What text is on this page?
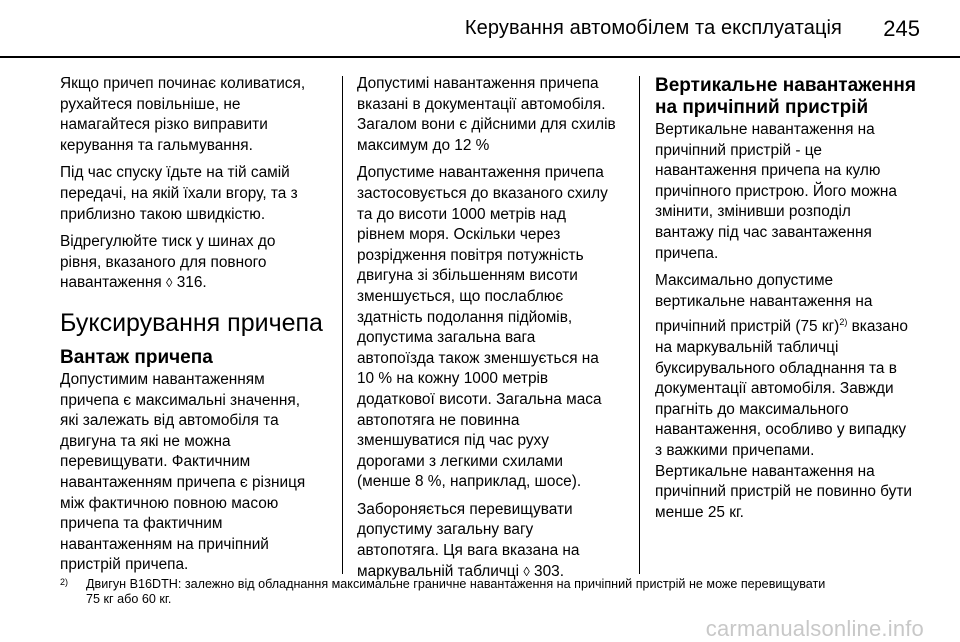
Керування автомобілем та експлуатація 245

Якщо причеп починає коливатися,
рухайтеся повільніше, не
намагайтеся різко виправити
керування та гальмування.

Під час спуску їдьте на тій самій
передачі, на якій їхали вгору, та з
приблизно такою швидкістю.

Відрегулюйте тиск у шинах до
рівня, вказаного для повного
навантаження ◊ 316.

Буксирування причепа
Вантаж причепа

Допустимим навантаженням
причепа є максимальні значення,
які залежать від автомобіля та
двигуна та які не можна
перевищувати. Фактичним
навантаженням причепа є різниця
між фактичною повною масою
причепа та фактичним
навантаженням на причіпний
пристрій причепа.

Допустимі навантаження причепа
вказані в документації автомобіля.
Загалом вони є дійсними для схилів
максимум до 12 %

Допустиме навантаження причепа
застосовується до вказаного схилу
та до висоти 1000 метрів над
рівнем моря. Оскільки через
розрідження повітря потужність
двигуна зі збільшенням висоти
зменшується, що послаблює
здатність подолання підйомів,
допустима загальна вага
автопоїзда також зменшується на
10 % на кожну 1000 метрів
додаткової висоти. Загальна маса
автопотяга не повинна
зменшуватися під час руху
дорогами з легкими схилами
(менше 8 %, наприклад, шосе).

Забороняється перевищувати
допустиму загальну вагу
автопотяга. Ця вага вказана на
маркувальній табличці ◊ 303.

Вертикальне навантаження
на причіпний пристрій

Вертикальне навантаження на
причіпний пристрій - це
навантаження причепа на кулю
причіпного пристрою. Його можна
змінити, змінивши розподіл
вантажу під час завантаження
причепа.

Максимально допустиме
вертикальне навантаження на
причіпний пристрій (75 кг)$^{2)}$ вказано
на маркувальній табличці
буксирувального обладнання та в
документації автомобіля. Завжди
прагніть до максимального
навантаження, особливо у випадку
з важкими причепами.

Вертикальне навантаження на
причіпний пристрій не повинно бути
менше 25 кг.

2) Двигун B16DTH: залежно від обладнання максимальне граничне навантаження на причіпний пристрій не може перевищувати
75 кг або 60 кг.
carmanualsonline.info
